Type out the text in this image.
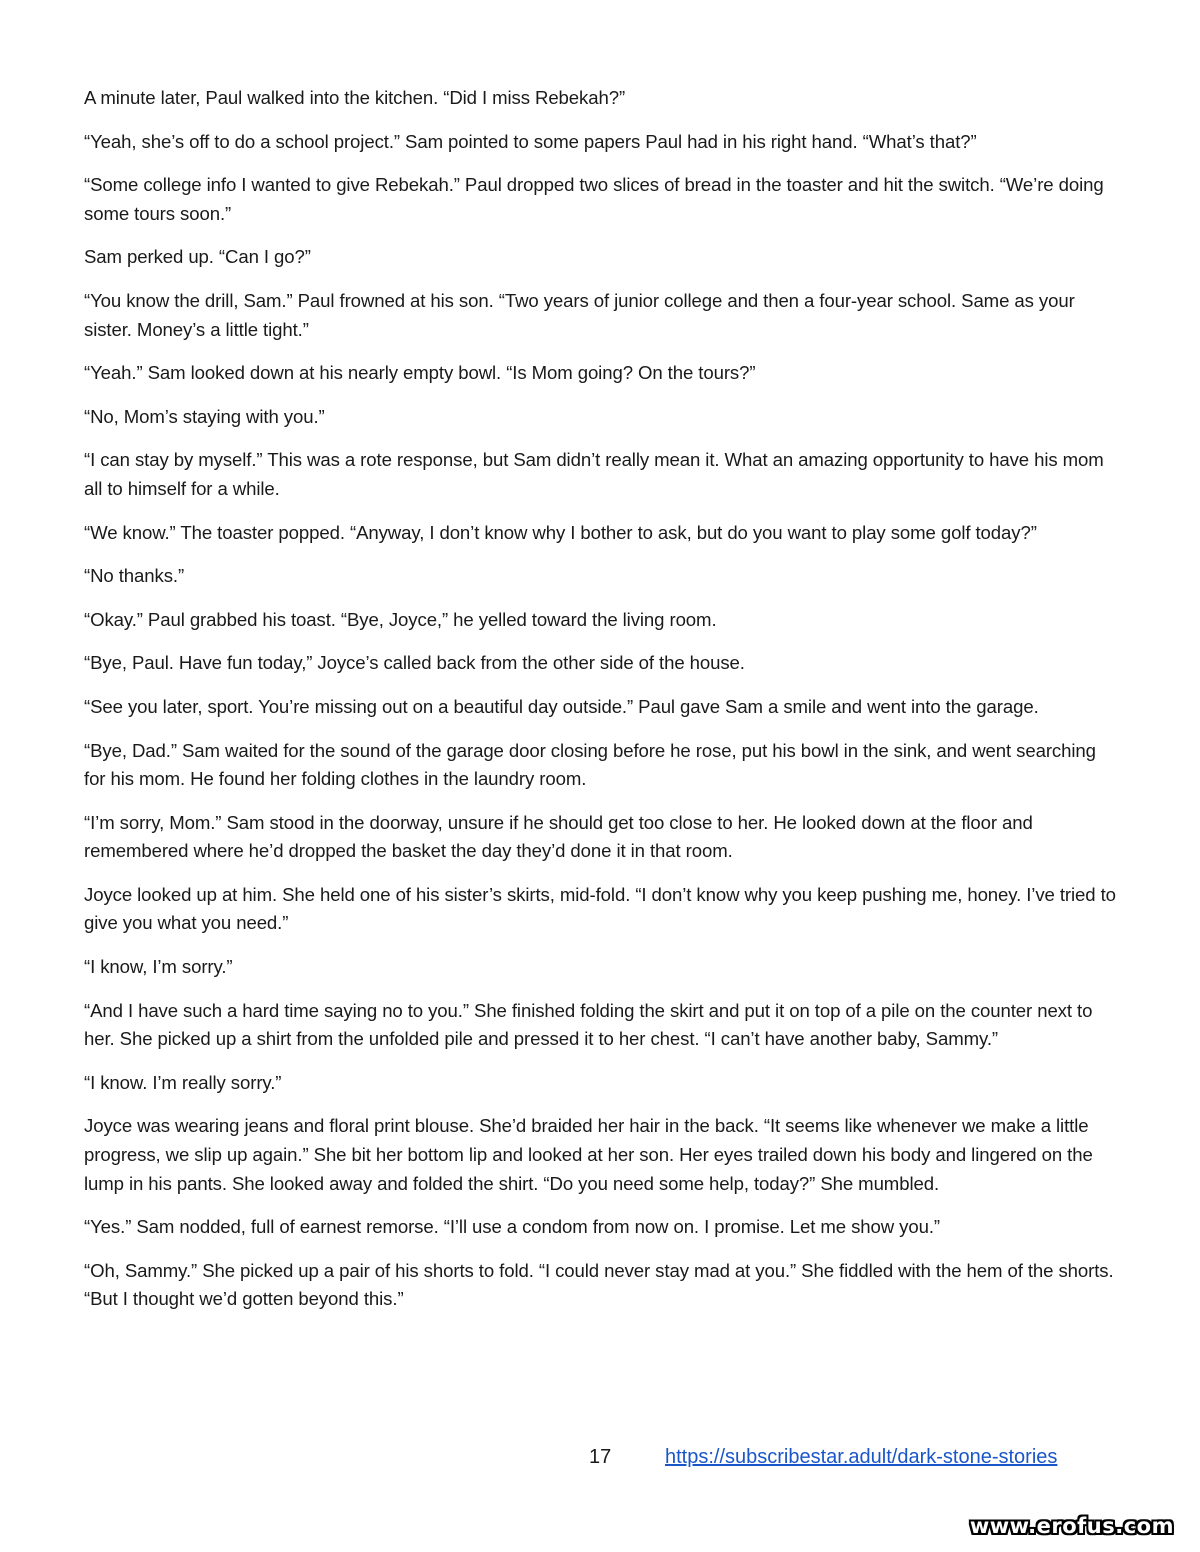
A minute later, Paul walked into the kitchen. “Did I miss Rebekah?”

“Yeah, she’s off to do a school project.” Sam pointed to some papers Paul had in his right hand. “What’s that?”

“Some college info I wanted to give Rebekah.” Paul dropped two slices of bread in the toaster and hit the switch. “We’re doing some tours soon.”

Sam perked up. “Can I go?”

“You know the drill, Sam.” Paul frowned at his son. “Two years of junior college and then a four-year school. Same as your sister. Money’s a little tight.”

“Yeah.” Sam looked down at his nearly empty bowl. “Is Mom going? On the tours?”

“No, Mom’s staying with you.”

“I can stay by myself.” This was a rote response, but Sam didn’t really mean it. What an amazing opportunity to have his mom all to himself for a while.

“We know.” The toaster popped. “Anyway, I don’t know why I bother to ask, but do you want to play some golf today?”

“No thanks.”

“Okay.” Paul grabbed his toast. “Bye, Joyce,” he yelled toward the living room.

“Bye, Paul. Have fun today,” Joyce’s called back from the other side of the house.

“See you later, sport. You’re missing out on a beautiful day outside.” Paul gave Sam a smile and went into the garage.

“Bye, Dad.” Sam waited for the sound of the garage door closing before he rose, put his bowl in the sink, and went searching for his mom. He found her folding clothes in the laundry room.

“I’m sorry, Mom.” Sam stood in the doorway, unsure if he should get too close to her. He looked down at the floor and remembered where he’d dropped the basket the day they’d done it in that room.

Joyce looked up at him. She held one of his sister’s skirts, mid-fold. “I don’t know why you keep pushing me, honey. I’ve tried to give you what you need.”

“I know, I’m sorry.”

“And I have such a hard time saying no to you.” She finished folding the skirt and put it on top of a pile on the counter next to her. She picked up a shirt from the unfolded pile and pressed it to her chest. “I can’t have another baby, Sammy.”

“I know. I’m really sorry.”

Joyce was wearing jeans and floral print blouse. She’d braided her hair in the back. “It seems like whenever we make a little progress, we slip up again.” She bit her bottom lip and looked at her son. Her eyes trailed down his body and lingered on the lump in his pants. She looked away and folded the shirt. “Do you need some help, today?” She mumbled.

“Yes.” Sam nodded, full of earnest remorse. “I’ll use a condom from now on. I promise. Let me show you.”

“Oh, Sammy.” She picked up a pair of his shorts to fold. “I could never stay mad at you.” She fiddled with the hem of the shorts. “But I thought we’d gotten beyond this.”

17	https://subscribestar.adult/dark-stone-stories
www.erofus.com
